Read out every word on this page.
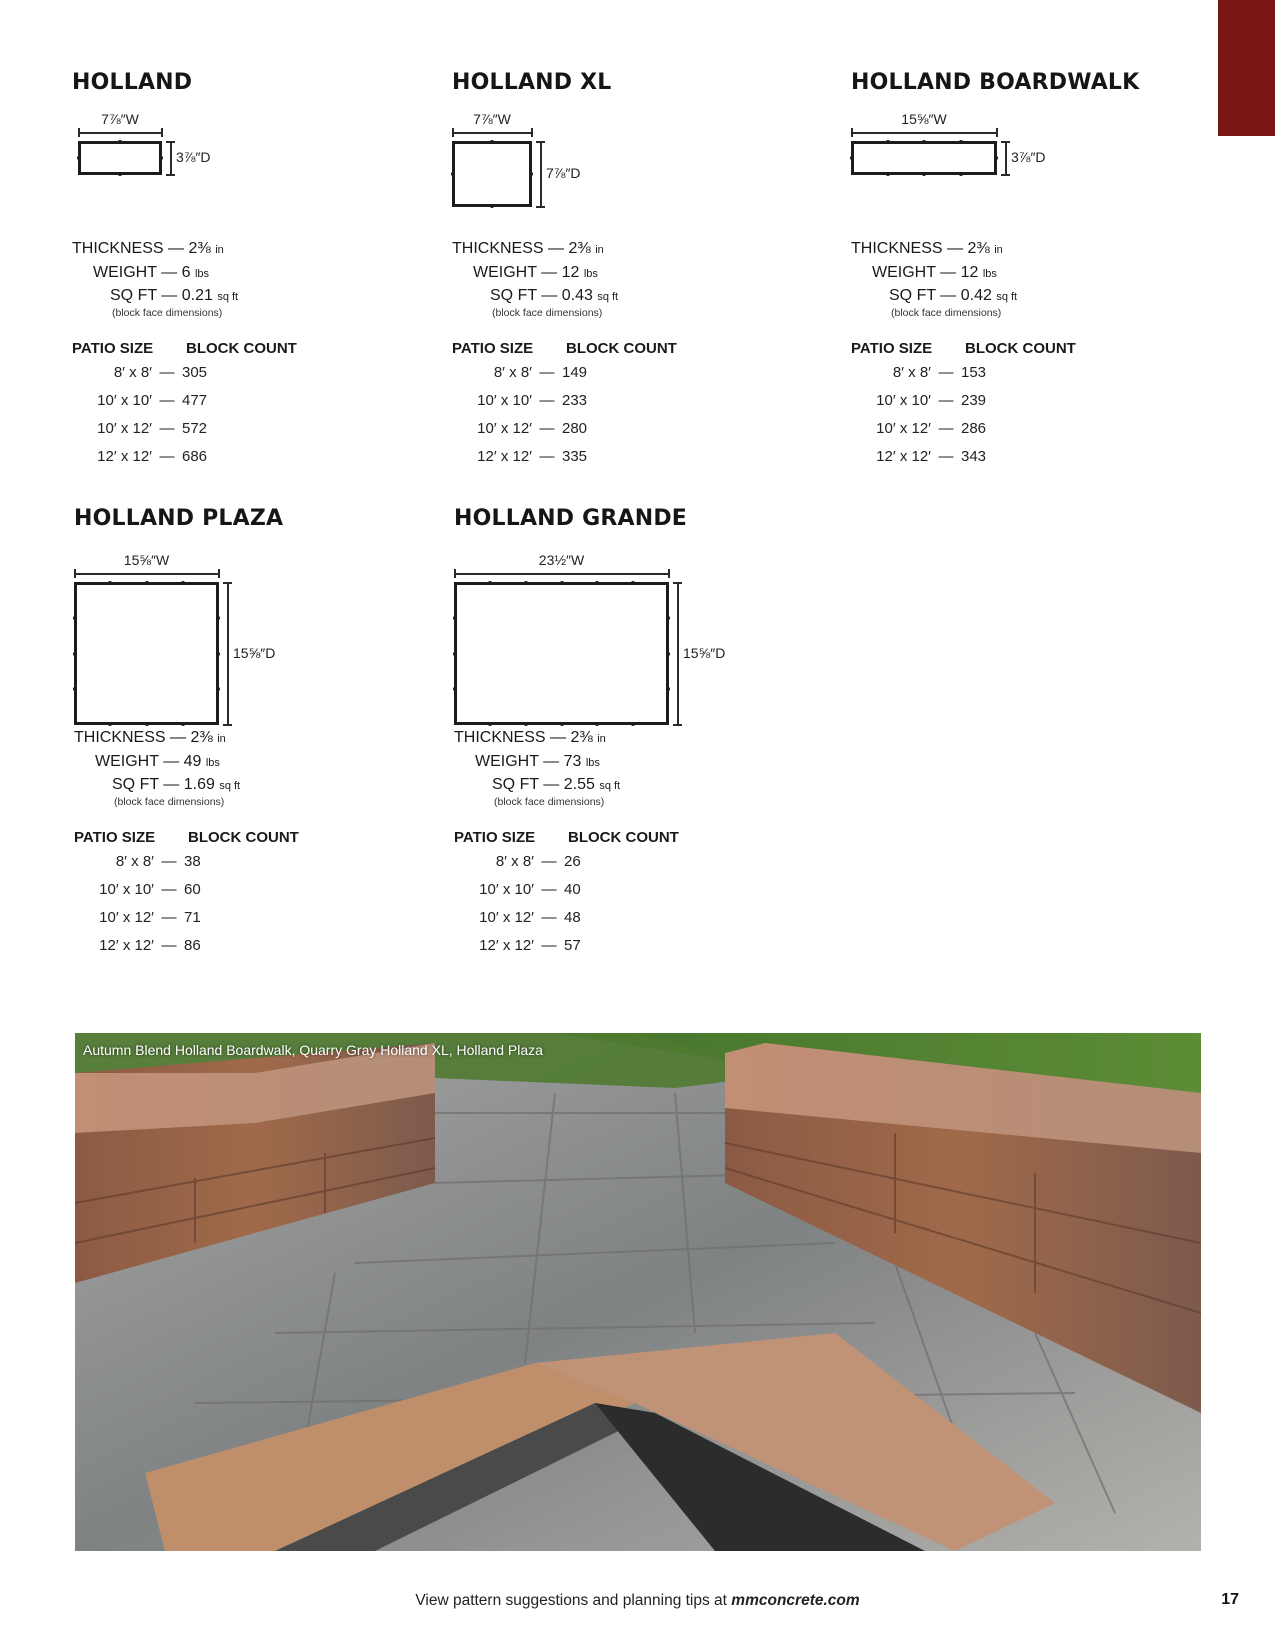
HOLLAND
7⅞″W
3⅞″D
THICKNESS — 2⅜ in
WEIGHT — 6 lbs
SQ FT — 0.21 sq ft
(block face dimensions)
PATIO SIZE BLOCK COUNT
8′ x 8′ — 305
10′ x 10′ — 477
10′ x 12′ — 572
12′ x 12′ — 686
HOLLAND XL
7⅞″W
7⅞″D
THICKNESS — 2⅜ in
WEIGHT — 12 lbs
SQ FT — 0.43 sq ft
(block face dimensions)
PATIO SIZE BLOCK COUNT
8′ x 8′ — 149
10′ x 10′ — 233
10′ x 12′ — 280
12′ x 12′ — 335
HOLLAND BOARDWALK
15⅝″W
3⅞″D
THICKNESS — 2⅜ in
WEIGHT — 12 lbs
SQ FT — 0.42 sq ft
(block face dimensions)
PATIO SIZE BLOCK COUNT
8′ x 8′ — 153
10′ x 10′ — 239
10′ x 12′ — 286
12′ x 12′ — 343
HOLLAND PLAZA
15⅝″W
15⅝″D
THICKNESS — 2⅜ in
WEIGHT — 49 lbs
SQ FT — 1.69 sq ft
(block face dimensions)
PATIO SIZE BLOCK COUNT
8′ x 8′ — 38
10′ x 10′ — 60
10′ x 12′ — 71
12′ x 12′ — 86
HOLLAND GRANDE
23½″W
15⅝″D
THICKNESS — 2⅜ in
WEIGHT — 73 lbs
SQ FT — 2.55 sq ft
(block face dimensions)
PATIO SIZE BLOCK COUNT
8′ x 8′ — 26
10′ x 10′ — 40
10′ x 12′ — 48
12′ x 12′ — 57
Autumn Blend Holland Boardwalk, Quarry Gray Holland XL, Holland Plaza
View pattern suggestions and planning tips at mmconcrete.com	17
